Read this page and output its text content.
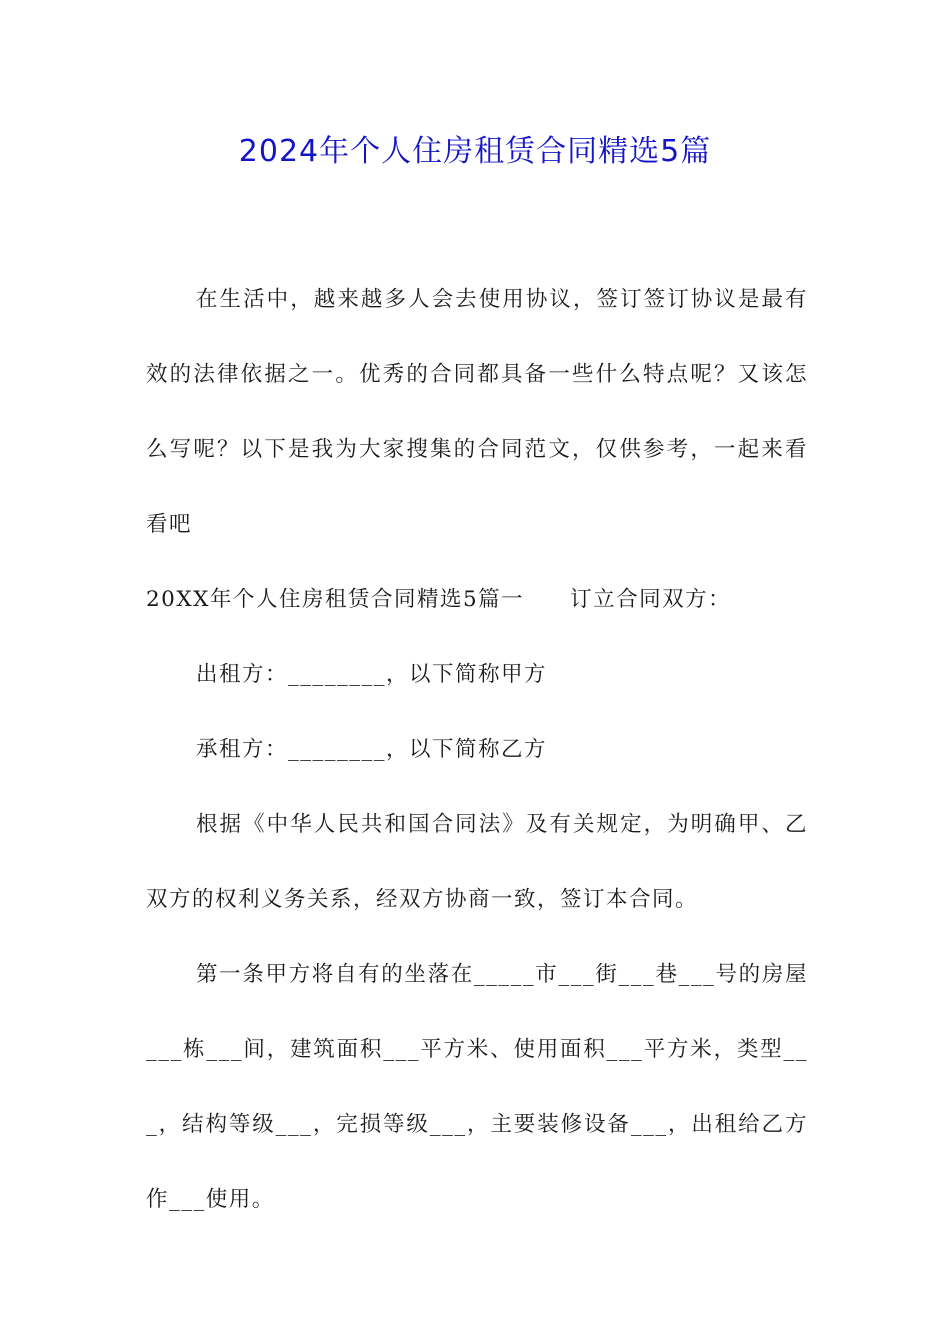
2024年个人住房租赁合同精选5篇

在生活中，越来越多人会去使用协议，签订签订协议是最有效的法律依据之一。优秀的合同都具备一些什么特点呢？又该怎么写呢？以下是我为大家搜集的合同范文，仅供参考，一起来看看吧

20XX年个人住房租赁合同精选5篇一 订立合同双方：

出租方：________，以下简称甲方

承租方：________，以下简称乙方

根据《中华人民共和国合同法》及有关规定，为明确甲、乙双方的权利义务关系，经双方协商一致，签订本合同。

第一条甲方将自有的坐落在_____市___街___巷___号的房屋___栋___间，建筑面积___平方米、使用面积___平方米，类型___，结构等级___，完损等级___，主要装修设备___，出租给乙方作___使用。
